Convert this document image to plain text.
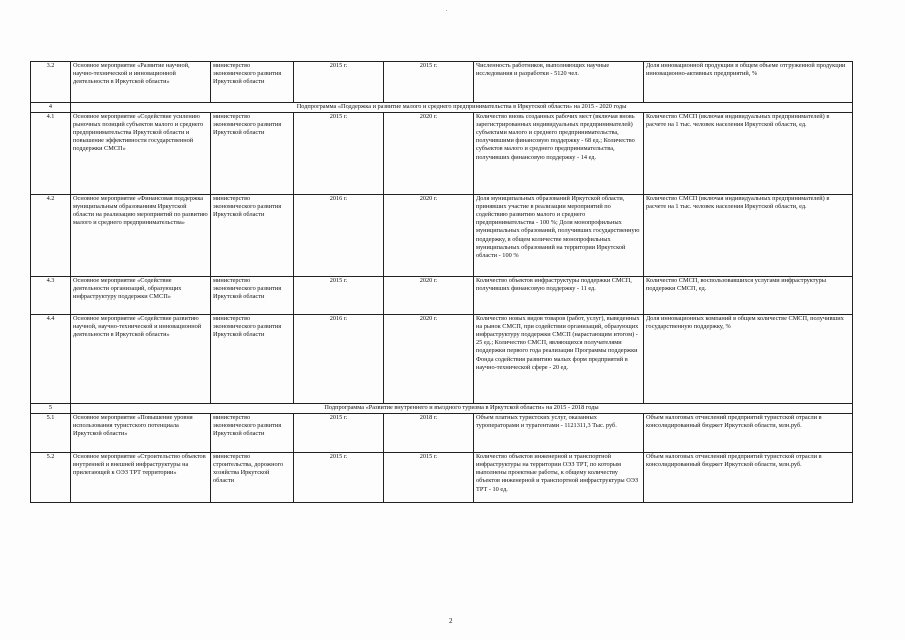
3.2	Основное мероприятие «Развитие научной, научно-технической и инновационной деятельности в Иркутской области»	министерство экономического развития Иркутской области	2015 г.	2015 г.	Численность работников, выполняющих научные исследования и разработки - 5120 чел.	Доля инновационной продукции в общем объеме отгруженной продукции инновационно-активных предприятий, %
4	Подпрограмма «Поддержка и развитие малого и среднего предпринимательства в Иркутской области» на 2015 - 2020 годы					
4.1	Основное мероприятие «Содействие усилению рыночных позиций субъектов малого и среднего предпринимательства Иркутской области и повышение эффективности государственной поддержки СМСП»	министерство экономического развития Иркутской области	2015 г.	2020 г.	Количество вновь созданных рабочих мест (включая вновь зарегистрированных индивидуальных предпринимателей) субъектами малого и среднего предпринимательства, получившими финансовую поддержку - 68 ед.; Количество субъектов малого и среднего предпринимательства, получивших финансовую поддержку - 14 ед.	Количество СМСП (включая индивидуальных предпринимателей) в расчете на 1 тыс. человек населения Иркутской области, ед.
4.2	Основное мероприятие «Финансовая поддержка муниципальным образованиям Иркутской области на реализацию мероприятий по развитию малого и среднего предпринимательства»	министерство экономического развития Иркутской области	2016 г.	2020 г.	Доля муниципальных образований Иркутской области, принявших участие в реализации мероприятий по содействию развитию малого и среднего предпринимательства - 100 %; Доля монопрофильных муниципальных образований, получивших государственную поддержку, в общем количестве монопрофильных муниципальных образований на территории Иркутской области - 100 %	Количество СМСП (включая индивидуальных предпринимателей) в расчете на 1 тыс. человек населения Иркутской области, ед.
4.3	Основное мероприятие «Содействие деятельности организаций, образующих инфраструктуру поддержки СМСП»	министерство экономического развития Иркутской области	2015 г.	2020 г.	Количество объектов инфраструктуры поддержки СМСП, получивших финансовую поддержку - 11 ед.	Количество СМСП, воспользовавшихся услугами инфраструктуры поддержки СМСП, ед.
4.4	Основное мероприятие «Содействие развитию научной, научно-технической и инновационной деятельности в Иркутской области»	министерство экономического развития Иркутской области	2016 г.	2020 г.	Количество новых видов товаров (работ, услуг), выведенных на рынок СМСП, при содействии организаций, образующих инфраструктуру поддержки СМСП (нарастающим итогом) - 25 ед.; Количество СМСП, являющихся получателями поддержки первого года реализации Программы поддержки Фонда содействия развитию малых форм предприятий в научно-технической сфере - 20 ед.	Доля инновационных компаний в общем количестве СМСП, получивших государственную поддержку, %
5	Подпрограмма «Развитие внутреннего и въездного туризма в Иркутской области» на 2015 - 2018 годы					
5.1	Основное мероприятие «Повышение уровня использования туристского потенциала Иркутской области»	министерство экономического развития Иркутской области	2015 г.	2018 г.	Объем платных туристских услуг, оказанных туроператорами и турагентами - 1121311,3 Тыс. руб.	Объем налоговых отчислений предприятий туристской отрасли в консолидированный бюджет Иркутской области, млн.руб.
5.2	Основное мероприятие «Строительство объектов внутренней и внешней инфраструктуры на прилегающей к ОЭЗ ТРТ территории»	министерство строительства, дорожного хозяйства Иркутской области	2015 г.	2015 г.	Количество объектов инженерной и транспортной инфраструктуры на территории ОЭЗ ТРТ, по которым выполнены проектные работы, к общему количеству объектов инженерной и транспортной инфраструктуры ОЭЗ ТРТ - 10 ед.	Объем налоговых отчислений предприятий туристской отрасли в консолидированный бюджет Иркутской области, млн.руб.
2
